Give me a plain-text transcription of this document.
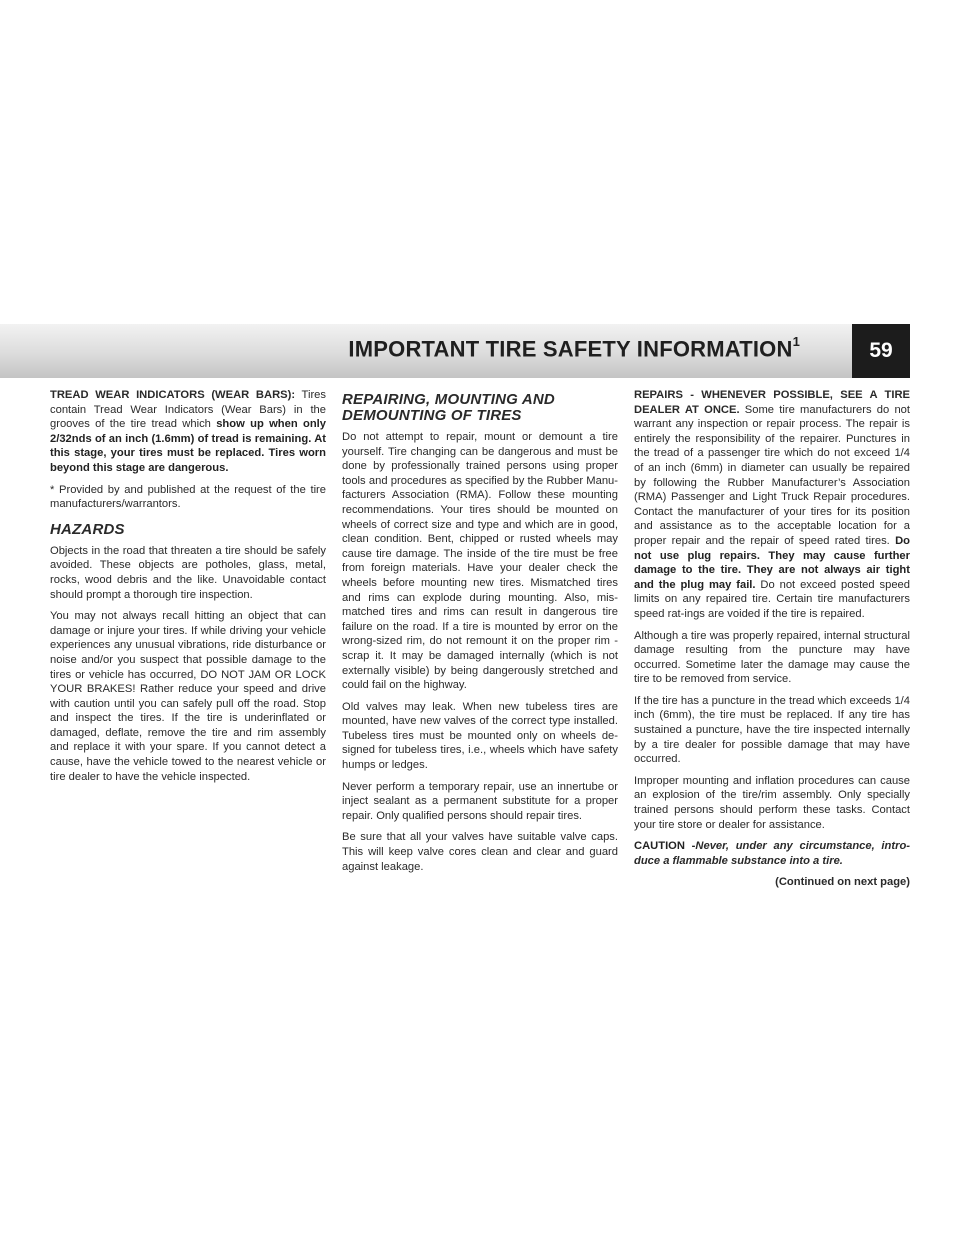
IMPORTANT TIRE SAFETY INFORMATION$^1$	59

TREAD WEAR INDICATORS (WEAR BARS): Tires contain Tread Wear Indicators (Wear Bars) in the grooves of the tire tread which show up when only 2/32nds of an inch (1.6mm) of tread is remaining. At this stage, your tires must be replaced. Tires worn beyond this stage are dangerous.

* Provided by and published at the request of the tire manufacturers/warrantors.

HAZARDS

Objects in the road that threaten a tire should be safely avoided. These objects are potholes, glass, metal, rocks, wood debris and the like. Unavoidable contact should prompt a thorough tire inspection.

You may not always recall hitting an object that can damage or injure your tires. If while driving your vehicle experiences any unusual vibrations, ride disturbance or noise and/or you suspect that possible damage to the tires or vehicle has occurred, DO NOT JAM OR LOCK YOUR BRAKES! Rather reduce your speed and drive with caution until you can safely pull off the road. Stop and inspect the tires. If the tire is underinflated or damaged, deflate, remove the tire and rim assembly and replace it with your spare. If you cannot detect a cause, have the vehicle towed to the nearest vehicle or tire dealer to have the vehicle inspected.

REPAIRING, MOUNTING AND DEMOUNTING OF TIRES

Do not attempt to repair, mount or demount a tire yourself. Tire changing can be dangerous and must be done by professionally trained persons using proper tools and procedures as specified by the Rubber Manu-facturers Association (RMA). Follow these mounting recommendations. Your tires should be mounted on wheels of correct size and type and which are in good, clean condition. Bent, chipped or rusted wheels may cause tire damage. The inside of the tire must be free from foreign materials. Have your dealer check the wheels before mounting new tires. Mismatched tires and rims can explode during mounting. Also, mis-matched tires and rims can result in dangerous tire failure on the road. If a tire is mounted by error on the wrong-sized rim, do not remount it on the proper rim - scrap it. It may be damaged internally (which is not externally visible) by being dangerously stretched and could fail on the highway.

Old valves may leak. When new tubeless tires are mounted, have new valves of the correct type installed. Tubeless tires must be mounted only on wheels de-signed for tubeless tires, i.e., wheels which have safety humps or ledges.

Never perform a temporary repair, use an innertube or inject sealant as a permanent substitute for a proper repair. Only qualified persons should repair tires.

Be sure that all your valves have suitable valve caps. This will keep valve cores clean and clear and guard against leakage.

REPAIRS - WHENEVER POSSIBLE, SEE A TIRE DEALER AT ONCE. Some tire manufacturers do not warrant any inspection or repair process. The repair is entirely the responsibility of the repairer. Punctures in the tread of a passenger tire which do not exceed 1/4 of an inch (6mm) in diameter can usually be repaired by following the Rubber Manufacturer’s Association (RMA) Passenger and Light Truck Repair procedures. Contact the manufacturer of your tires for its position and assistance as to the acceptable location for a proper repair and the repair of speed rated tires. Do not use plug repairs. They may cause further damage to the tire. They are not always air tight and the plug may fail. Do not exceed posted speed limits on any repaired tire. Certain tire manufacturers speed rat-ings are voided if the tire is repaired.

Although a tire was properly repaired, internal structural damage resulting from the puncture may have occurred. Sometime later the damage may cause the tire to be removed from service.

If the tire has a puncture in the tread which exceeds 1/4 inch (6mm), the tire must be replaced. If any tire has sustained a puncture, have the tire inspected internally by a tire dealer for possible damage that may have occurred.

Improper mounting and inflation procedures can cause an explosion of the tire/rim assembly. Only specially trained persons should perform these tasks. Contact your tire store or dealer for assistance.

CAUTION -Never, under any circumstance, intro-duce a flammable substance into a tire.

(Continued on next page)
